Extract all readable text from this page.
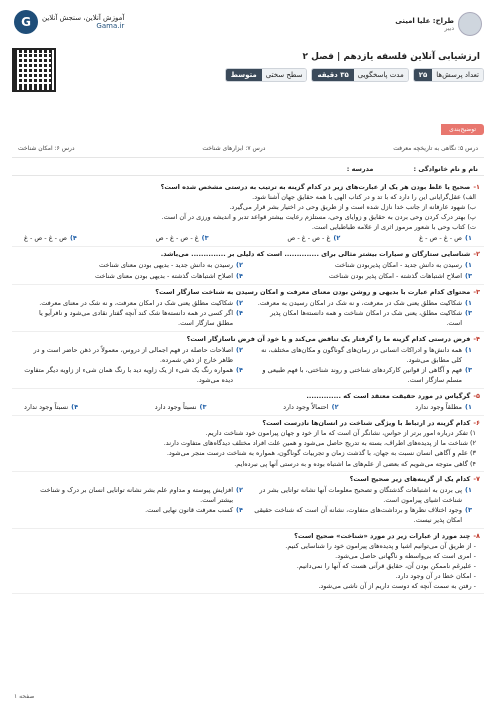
طراح: علیا امینی
دبیر
G	آموزش آنلاین، سنجش آنلاین
Gama.ir
ارزشیابی آنلاین فلسفه یازدهم | فصل ۲
تعداد پرسش‌ها
۲۵
مدت پاسخگویی
۳۵ دقیقه
سطح سختی
متوسط
توضیح‌بندی
درس ۵: نگاهی به تاریخچه معرفت
درس ۷: ابزارهای شناخت
درس ۶: امکان شناخت
نام و نام خانوادگی :
مدرسه :
۱-صحیح یا غلط بودن هر یک از عبارت‌های زیر در کدام گزینه به ترتیب به درستی مشخص شده است؟
الف) عقل‌گرایانی این را دارد که با تد و در کتاب الهی با همه حقایق جهان آشنا شود.
ب) شهود عارفانه از جانب خدا نازل شده است و از طریق وحی در اختیار بشر قرار می‌گیرد.
پ) بهتر درک کردن وحی بردن به حقایق و زوایای وحی، مستلزم رعایت بیشتر قواعد تدبر و اندیشه ورزی در آن است.
ت) کتاب وحی با شعور مرموز اثری از علامه طباطبایی است.
۱)
ص - غ - ص - غ
۲)
غ - ص - غ - ص
۳)
غ - ص - غ - ص
۴)
ص - غ - ص - غ
۲-شناسایی ستارگان و سیارات بیشتر مثالی برای .............. است که دلیلی بر .............. می‌باشد.
۱)
رسیدن به دانش جدید - امکان پذیربودن شناخت
۲)
رسیدن به دانش جدید - بدیهی بودن معنای شناخت
۳)
اصلاح اشتباهات گذشته - امکان پذیر بودن شناخت
۴)
اصلاح اشتباهات گذشته - بدیهی بودن معنای شناخت
۳-محتوای کدام عبارت با بدیهی و روشن بودن معنای معرفت و امکان رسیدن به شناخت سازگار است؟
۱)
شکاکیت مطلق یعنی شک در معرفت، و نه شک در امکان رسیدن به معرفت.
۲)
شکاکیت مطلق یعنی شک در امکان معرفت، و نه شک در معنای معرفت.
۳)
شکاکیت مطلق، یعنی شک در امکان شناخت و همه دانسته‌ها امکان پذیر است.
۴)
اگر کسی در همه دانسته‌ها شک کند آنچه گفتار نقادی می‌شود و نافرآیو یا مطلق سازگار است.
۴-فرض درستی کدام گزینه ما را گرفتار یک تناقض می‌کند و با خود آن فرض ناسازگار است؟
۱)
همه دانش‌ها و ادراکات انسانی در زمان‌های گوناگون و مکان‌های مختلف، نه کلی مطابق می‌شود.
۲)
اصلاحات حاصله در فهم اجمالی از دروس، معمولاً در ذهن حاضر است و در ظاهر خارج از ذهن شمرده.
۳)
فهم و آگاهی از قوانین کارکردهای شناختی و روند شناختی، با فهم طبیعی و مسلم سازگار است.
۴)
همواره رنگ یک شیء از یک زاویه دید با رنگ همان شیء از زاویه دیگر متفاوت دیده می‌شود.
۵-گرگیاس در مورد حقیقت معتقد است که ..............
۱)
مطلقاً وجود ندارد
۲)
احتمالاً وجود دارد
۳)
نسبتاً وجود دارد
۴)
نسبتاً وجود ندارد
۶-کدام گزینه در ارتباط با ویژگی شناخت در انسان‌ها نادرست است؟
۱) تفکر درباره امور برتر از حواس، نشانگر آن است که ما از خود و جهان پیرامون خود شناخت داریم.
۲) شناخت ما از پدیده‌های اطراف، بسته به تدریج حاصل می‌شود و همین علت افراد مختلف دیدگاه‌های متفاوت دارند.
۳) علم و آگاهی انسان نسبت به جهان، با گذشت زمان و تجربیات گوناگون، همواره به شناخت درست منجر می‌شود.
۴) گاهی متوجه می‌شویم که بعضی از علم‌های ما اشتباه بوده و به درستی آنها پی نبرده‌ایم.
۷-کدام یک از گزینه‌های زیر صحیح است؟
۱)
پی بردن به اشتباهات گذشتگان و تصحیح معلومات آنها نشانه توانایی بشر در شناخت اشیای پیرامون است.
۲)
افزایش پیوسته و مداوم علم بشر نشانه توانایی انسان بر درک و شناخت بیشتر است.
۳)
وجود اختلاف نظرها و برداشت‌های متفاوت، نشانه آن است که شناخت حقیقی امکان پذیر نیست.
۴)
کسب معرفت قانون نهایی است.
۸-چند مورد از عبارات زیر در مورد «شناخت» صحیح است؟
- از طریق آن می‌توانیم اشیا و پدیده‌های پیرامون خود را شناسایی کنیم.
- امری است که بی‌واسطه و ناگهانی حاصل می‌شود.
- علیرغم ناممکن بودن آن، حقایق قرآنی هست که آنها را نمی‌دانیم.
- امکان خطا در آن وجود دارد.
- رفتن به سمت آنچه که دوست داریم از آن ناشی می‌شود.
صفحه ۱
